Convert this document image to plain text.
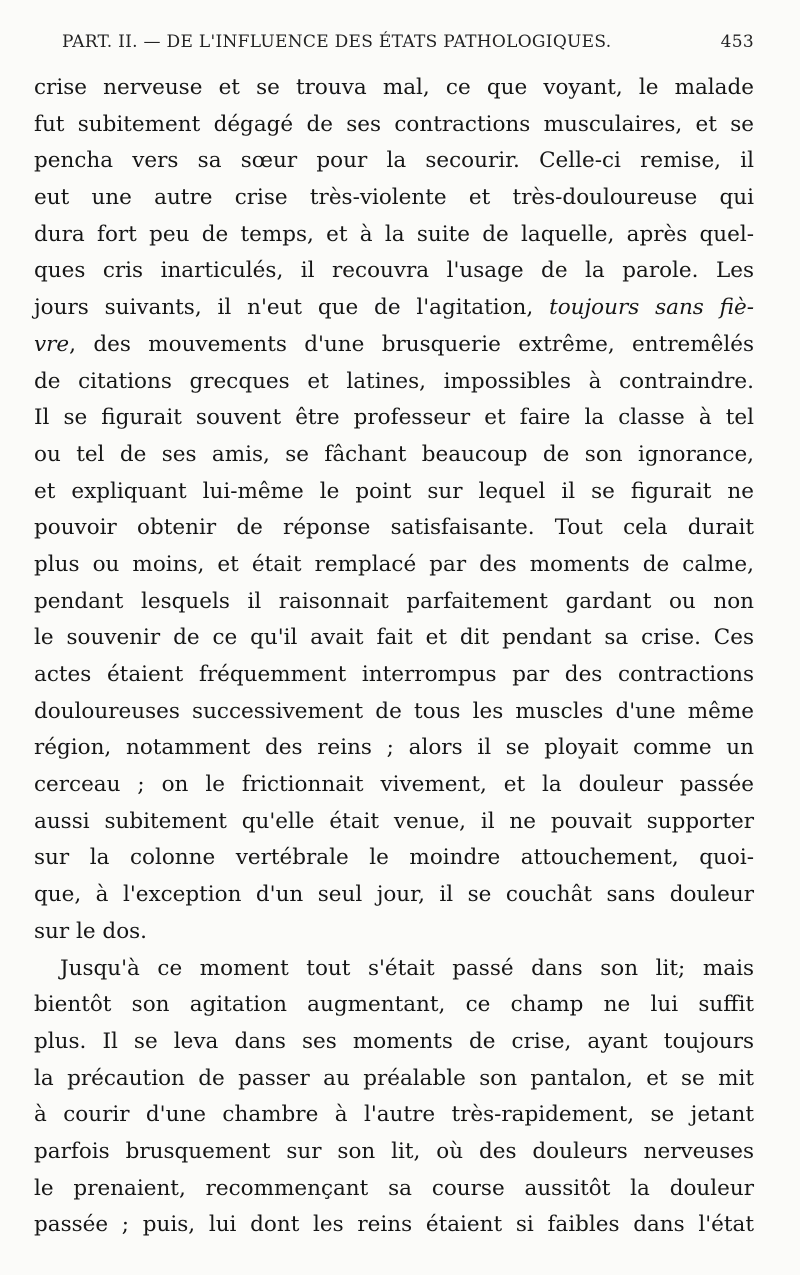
PART. II. — DE L'INFLUENCE DES ÉTATS PATHOLOGIQUES.	453

crise nerveuse et se trouva mal, ce que voyant, le malade
fut subitement dégagé de ses contractions musculaires, et se
pencha vers sa sœur pour la secourir. Celle-ci remise, il
eut une autre crise très-violente et très-douloureuse qui
dura fort peu de temps, et à la suite de laquelle, après quel-
ques cris inarticulés, il recouvra l'usage de la parole. Les
jours suivants, il n'eut que de l'agitation, toujours sans fiè-
vre, des mouvements d'une brusquerie extrême, entremêlés
de citations grecques et latines, impossibles à contraindre.
Il se figurait souvent être professeur et faire la classe à tel
ou tel de ses amis, se fâchant beaucoup de son ignorance,
et expliquant lui-même le point sur lequel il se figurait ne
pouvoir obtenir de réponse satisfaisante. Tout cela durait
plus ou moins, et était remplacé par des moments de calme,
pendant lesquels il raisonnait parfaitement gardant ou non
le souvenir de ce qu'il avait fait et dit pendant sa crise. Ces
actes étaient fréquemment interrompus par des contractions
douloureuses successivement de tous les muscles d'une même
région, notamment des reins ; alors il se ployait comme un
cerceau ; on le frictionnait vivement, et la douleur passée
aussi subitement qu'elle était venue, il ne pouvait supporter
sur la colonne vertébrale le moindre attouchement, quoi-
que, à l'exception d'un seul jour, il se couchât sans douleur
sur le dos.

Jusqu'à ce moment tout s'était passé dans son lit; mais
bientôt son agitation augmentant, ce champ ne lui suffit
plus. Il se leva dans ses moments de crise, ayant toujours
la précaution de passer au préalable son pantalon, et se mit
à courir d'une chambre à l'autre très-rapidement, se jetant
parfois brusquement sur son lit, où des douleurs nerveuses
le prenaient, recommençant sa course aussitôt la douleur
passée ; puis, lui dont les reins étaient si faibles dans l'état
